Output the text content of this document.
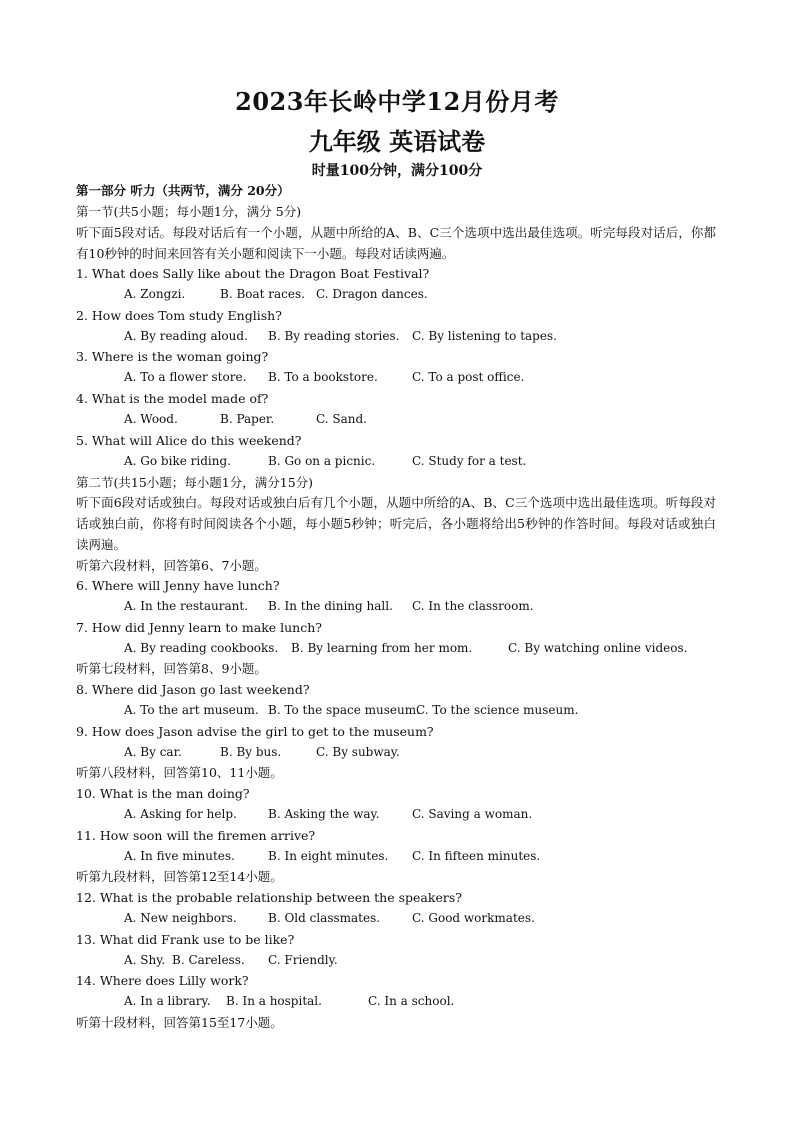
2023年长岭中学12月份月考
九年级 英语试卷
时量100分钟，满分100分
第一部分 听力（共两节，满分 20分）
第一节(共5小题；每小题1分，满分 5分)
听下面5段对话。每段对话后有一个小题，从题中所给的A、B、C三个选项中选出最佳选项。听完每段对话后，你都有10秒钟的时间来回答有关小题和阅读下一小题。每段对话读两遍。
1. What does Sally like about the Dragon Boat Festival?
A. Zongzi.	B. Boat races. C. Dragon dances.
2. How does Tom study English?
A. By reading aloud. B. By reading stories. C. By listening to tapes.
3. Where is the woman going?
A. To a flower store. B. To a bookstore.	C. To a post office.
4. What is the model made of?
A. Wood.	B. Paper.	C. Sand.
5. What will Alice do this weekend?
A. Go bike riding.	B. Go on a picnic.	C. Study for a test.
第二节(共15小题；每小题1分，满分15分)
听下面6段对话或独白。每段对话或独白后有几个小题，从题中所给的A、B、C三个选项中选出最佳选项。听每段对话或独白前，你将有时间阅读各个小题，每小题5秒钟；听完后，各小题将给出5秒钟的作答时间。每段对话或独白读两遍。
听第六段材料，回答第6、7小题。
6. Where will Jenny have lunch?
A. In the restaurant. B. In the dining hall. C. In the classroom.
7. How did Jenny learn to make lunch?
A. By reading cookbooks. B. By learning from her mom.	C. By watching online videos.
听第七段材料，回答第8、9小题。
8. Where did Jason go last weekend?
A. To the art museum. B. To the space museum.
C. To the science museum.
9. How does Jason advise the girl to get to the museum?
A. By car.	B. By bus.	C. By subway.
听第八段材料，回答第10、11小题。
10. What is the man doing?
A. Asking for help.	B. Asking the way.	C. Saving a woman.
11. How soon will the firemen arrive?
A. In five minutes.	B. In eight minutes. C. In fifteen minutes.
听第九段材料，回答第12至14小题。
12. What is the probable relationship between the speakers?
A. New neighbors.	B. Old classmates.	C. Good workmates.
13. What did Frank use to be like?
A. Shy. B. Careless. C. Friendly.
14. Where does Lilly work?
A. In a library. B. In a hospital.	C. In a school.
听第十段材料，回答第15至17小题。
